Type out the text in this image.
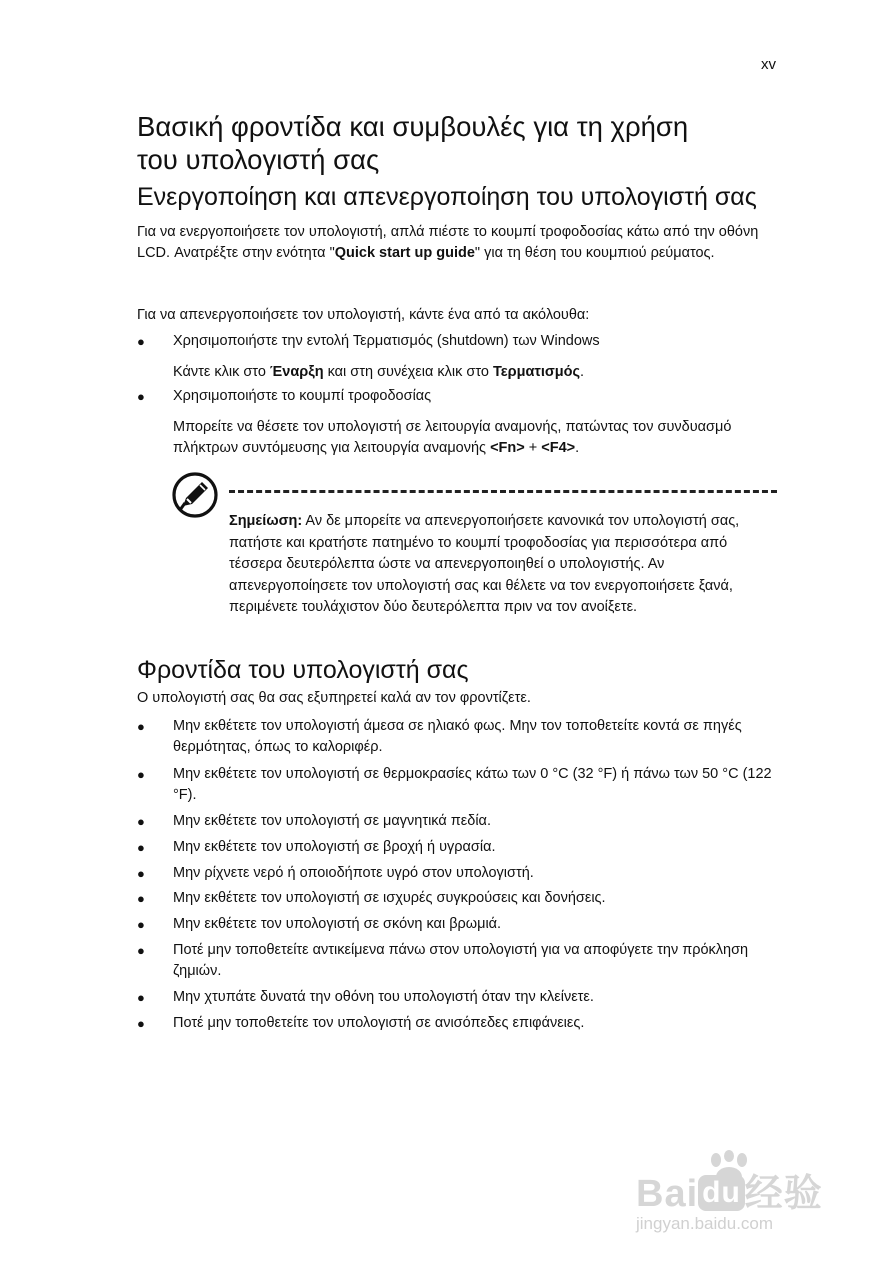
xv
Βασική φροντίδα και συμβουλές για τη χρήση
του υπολογιστή σας
Ενεργοποίηση και απενεργοποίηση του υπολογιστή σας

Για να ενεργοποιήσετε τον υπολογιστή, απλά πιέστε το κουμπί τροφοδοσίας κάτω από την οθόνη LCD. Ανατρέξτε στην ενότητα "Quick start up guide" για τη θέση του κουμπιού ρεύματος.

Για να απενεργοποιήσετε τον υπολογιστή, κάντε ένα από τα ακόλουθα:

●	Χρησιμοποιήστε την εντολή Τερματισμός (shutdown) των Windows

Κάντε κλικ στο Έναρξη και στη συνέχεια κλικ στο Τερματισμός.

●	Χρησιμοποιήστε το κουμπί τροφοδοσίας

Μπορείτε να θέσετε τον υπολογιστή σε λειτουργία αναμονής, πατώντας τον συνδυασμό πλήκτρων συντόμευσης για λειτουργία αναμονής <Fn> + <F4>.

Σημείωση: Αν δε μπορείτε να απενεργοποιήσετε κανονικά τον υπολογιστή σας, πατήστε και κρατήστε πατημένο το κουμπί τροφοδοσίας για περισσότερα από τέσσερα δευτερόλεπτα ώστε να απενεργοποιηθεί ο υπολογιστής. Αν απενεργοποίησετε τον υπολογιστή σας και θέλετε να τον ενεργοποιήσετε ξανά, περιμένετε τουλάχιστον δύο δευτερόλεπτα πριν να τον ανοίξετε.

Φροντίδα του υπολογιστή σας

Ο υπολογιστή σας θα σας εξυπηρετεί καλά αν τον φροντίζετε.

●	Μην εκθέτετε τον υπολογιστή άμεσα σε ηλιακό φως. Μην τον τοποθετείτε κοντά σε πηγές θερμότητας, όπως το καλοριφέρ.
●	Μην εκθέτετε τον υπολογιστή σε θερμοκρασίες κάτω των 0 °C (32 °F) ή πάνω των 50 °C (122 °F).
●	Μην εκθέτετε τον υπολογιστή σε μαγνητικά πεδία.
●	Μην εκθέτετε τον υπολογιστή σε βροχή ή υγρασία.
●	Μην ρίχνετε νερό ή οποιοδήποτε υγρό στον υπολογιστή.
●	Μην εκθέτετε τον υπολογιστή σε ισχυρές συγκρούσεις και δονήσεις.
●	Μην εκθέτετε τον υπολογιστή σε σκόνη και βρωμιά.
●	Ποτέ μην τοποθετείτε αντικείμενα πάνω στον υπολογιστή για να αποφύγετε την πρόκληση ζημιών.
●	Μην χτυπάτε δυνατά την οθόνη του υπολογιστή όταν την κλείνετε.
●	Ποτέ μην τοποθετείτε τον υπολογιστή σε ανισόπεδες επιφάνειες.
Bai du 经验
jingyan.baidu.com
